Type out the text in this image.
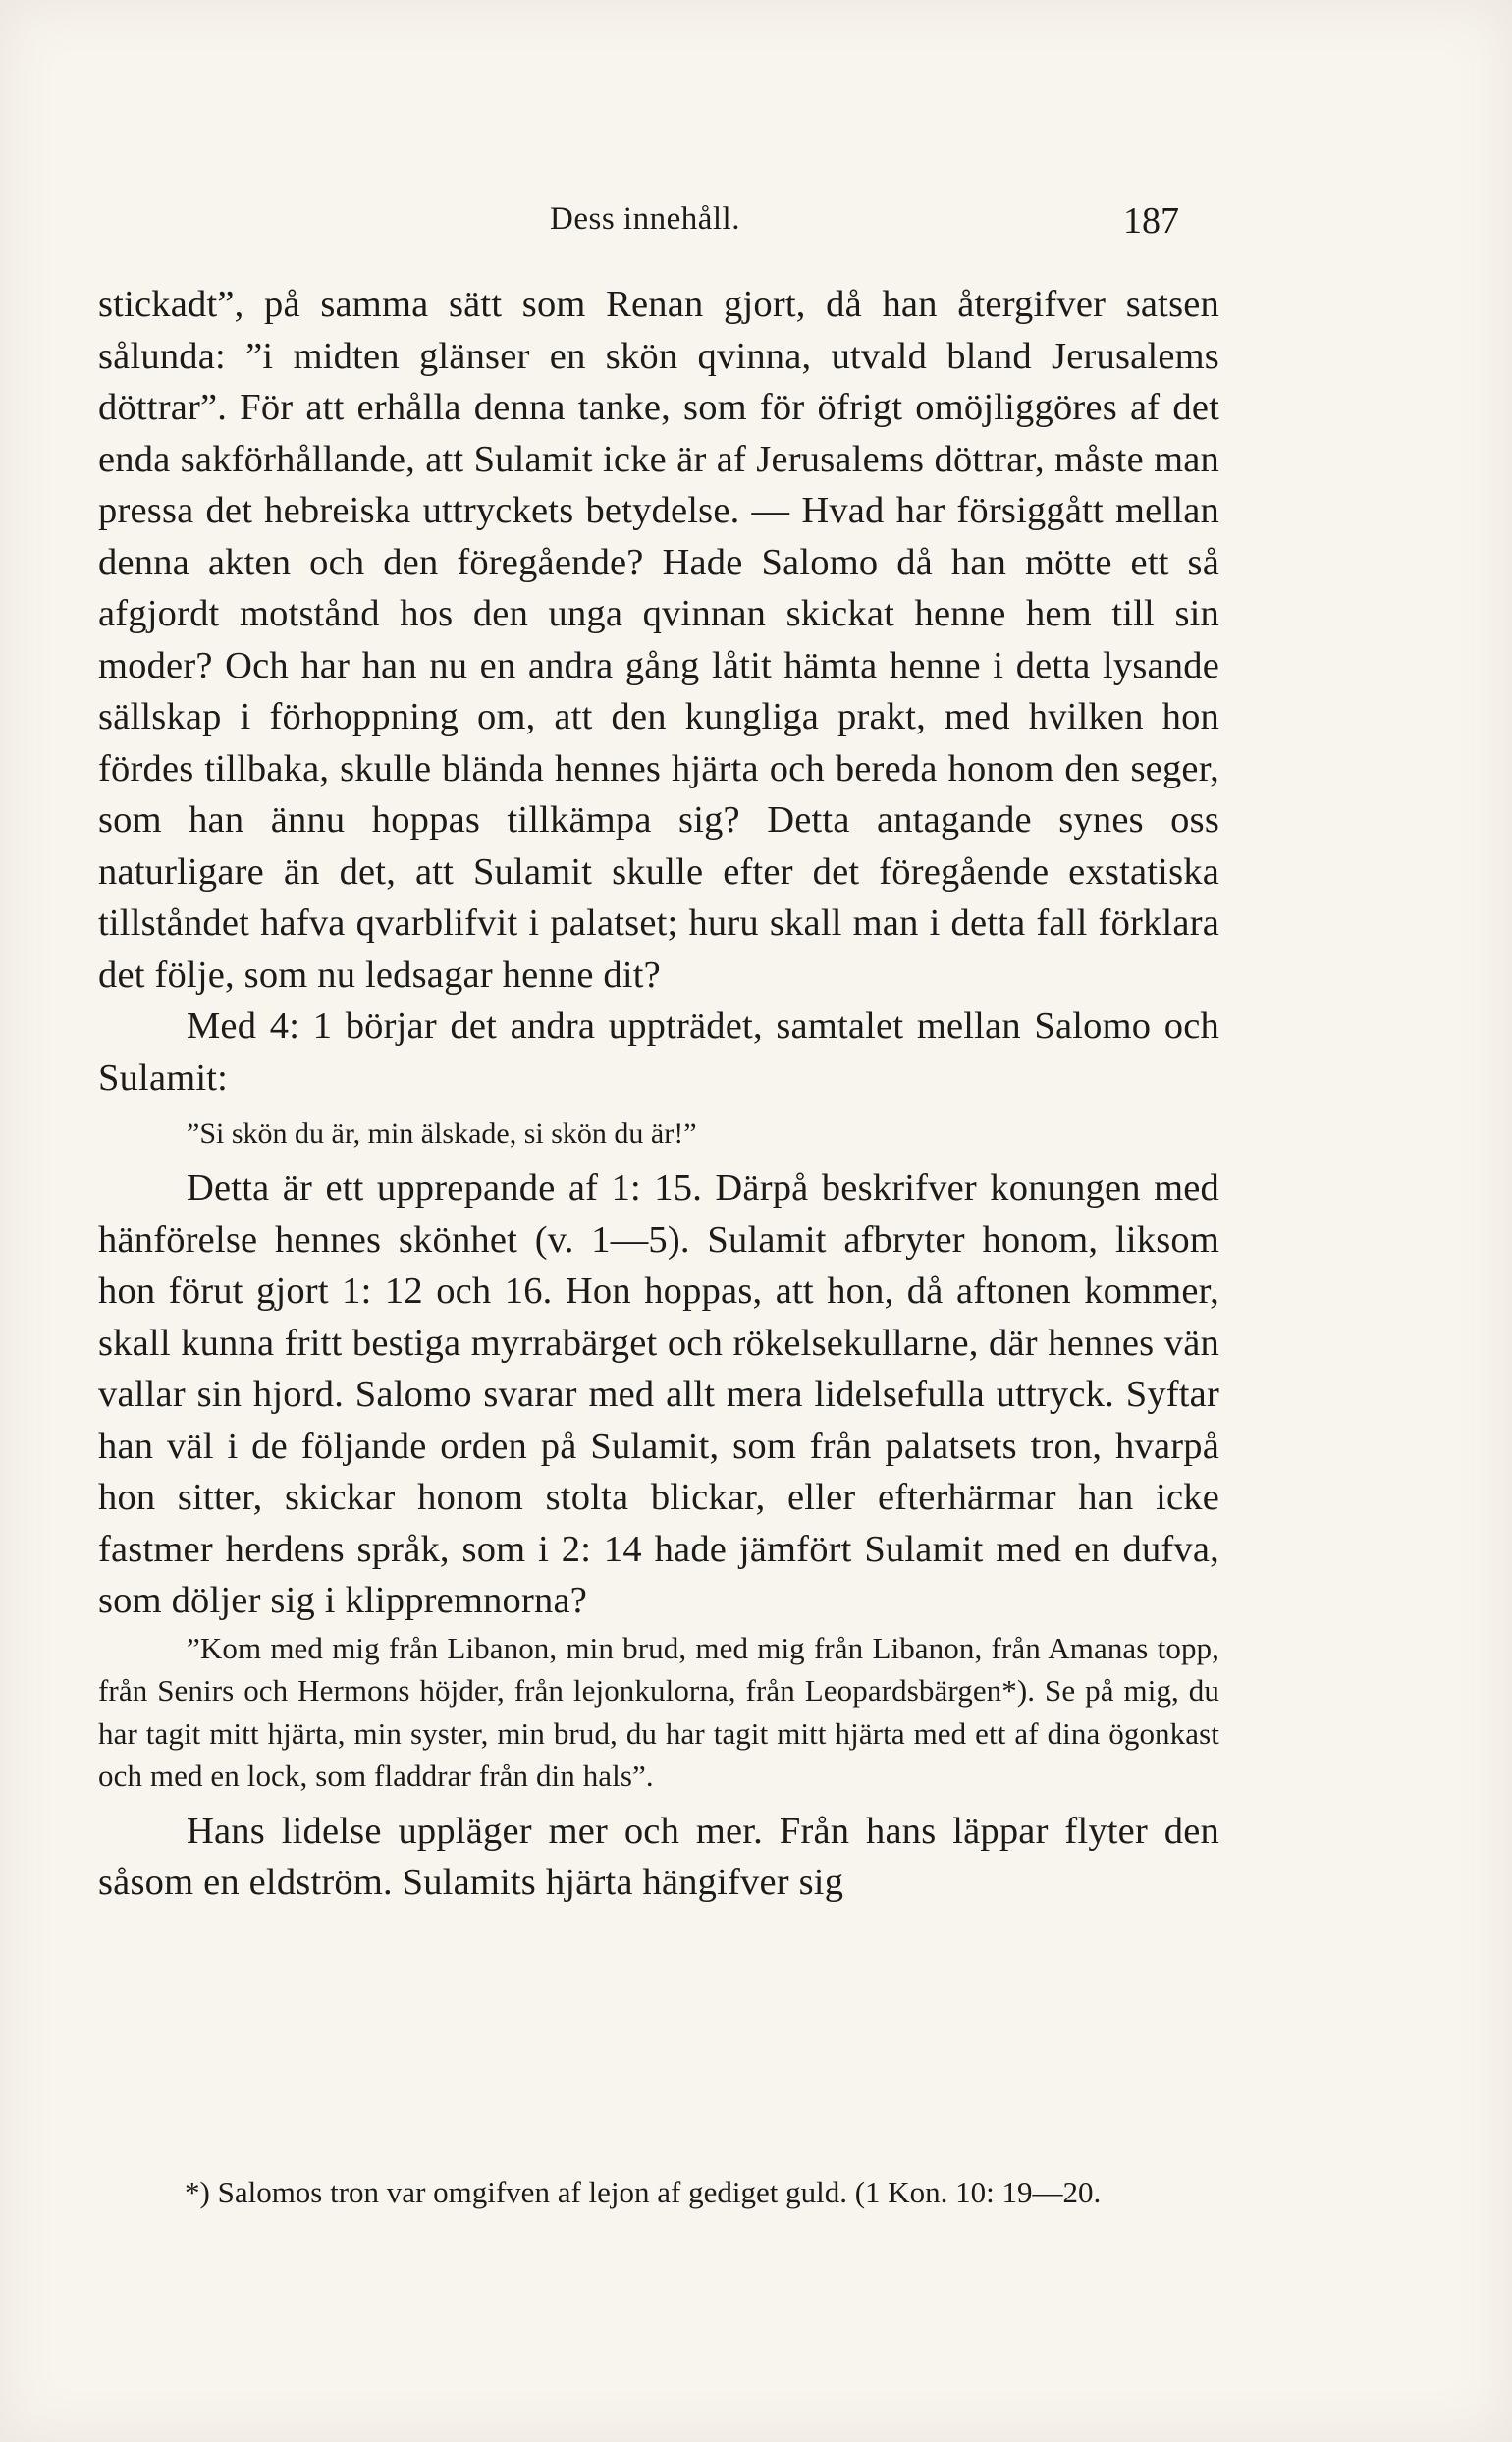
Dess innehåll.	187

stickadt”, på samma sätt som Renan gjort, då han återgifver satsen sålunda: ”i midten glänser en skön qvinna, utvald bland Jerusalems döttrar”. För att erhålla denna tanke, som för öfrigt omöjliggöres af det enda sakförhållande, att Sulamit icke är af Jerusalems döttrar, måste man pressa det hebreiska uttryckets betydelse. — Hvad har försiggått mellan denna akten och den föregående? Hade Salomo då han mötte ett så afgjordt motstånd hos den unga qvinnan skickat henne hem till sin moder? Och har han nu en andra gång låtit hämta henne i detta lysande sällskap i förhoppning om, att den kungliga prakt, med hvilken hon fördes tillbaka, skulle blända hennes hjärta och bereda honom den seger, som han ännu hoppas tillkämpa sig? Detta antagande synes oss naturligare än det, att Sulamit skulle efter det föregående exstatiska tillståndet hafva qvarblifvit i palatset; huru skall man i detta fall förklara det följe, som nu ledsagar henne dit?

Med 4: 1 börjar det andra uppträdet, samtalet mellan Salomo och Sulamit:

”Si skön du är, min älskade, si skön du är!”

Detta är ett upprepande af 1: 15. Därpå beskrifver konungen med hänförelse hennes skönhet (v. 1—5). Sulamit afbryter honom, liksom hon förut gjort 1: 12 och 16. Hon hoppas, att hon, då aftonen kommer, skall kunna fritt bestiga myrrabärget och rökelsekullarne, där hennes vän vallar sin hjord. Salomo svarar med allt mera lidelsefulla uttryck. Syftar han väl i de följande orden på Sulamit, som från palatsets tron, hvarpå hon sitter, skickar honom stolta blickar, eller efterhärmar han icke fastmer herdens språk, som i 2: 14 hade jämfört Sulamit med en dufva, som döljer sig i klippremnorna?

”Kom med mig från Libanon, min brud, med mig från Libanon, från Amanas topp, från Senirs och Hermons höjder, från lejonkulorna, från Leopardsbärgen*). Se på mig, du har tagit mitt hjärta, min syster, min brud, du har tagit mitt hjärta med ett af dina ögonkast och med en lock, som fladdrar från din hals”.

Hans lidelse uppläger mer och mer. Från hans läppar flyter den såsom en eldström. Sulamits hjärta hängifver sig

*) Salomos tron var omgifven af lejon af gediget guld. (1 Kon. 10: 19—20.
